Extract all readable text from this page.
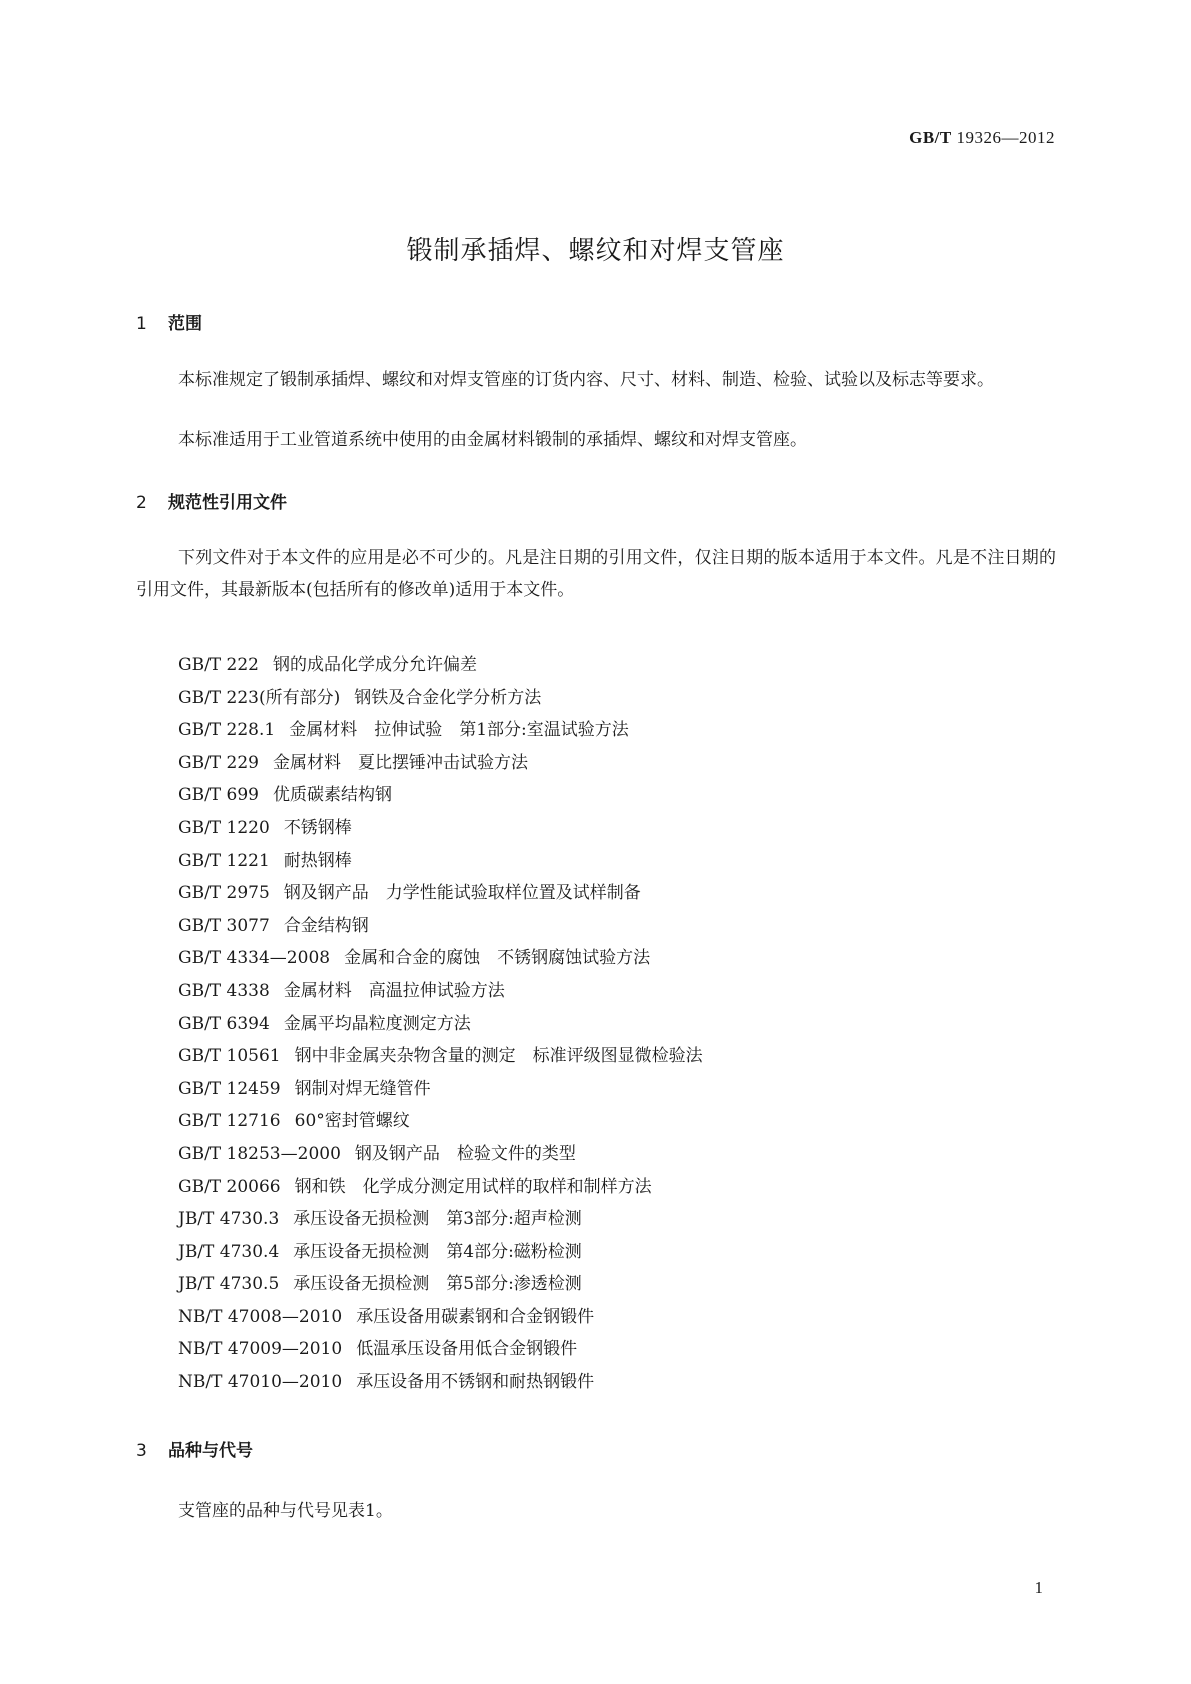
GB/T 19326—2012
锻制承插焊、螺纹和对焊支管座
1 范围
本标准规定了锻制承插焊、螺纹和对焊支管座的订货内容、尺寸、材料、制造、检验、试验以及标志等要求。
本标准适用于工业管道系统中使用的由金属材料锻制的承插焊、螺纹和对焊支管座。
2 规范性引用文件
下列文件对于本文件的应用是必不可少的。凡是注日期的引用文件，仅注日期的版本适用于本文件。凡是不注日期的引用文件，其最新版本(包括所有的修改单)适用于本文件。
GB/T 222 钢的成品化学成分允许偏差
GB/T 223(所有部分) 钢铁及合金化学分析方法
GB/T 228.1 金属材料　拉伸试验　第1部分:室温试验方法
GB/T 229 金属材料　夏比摆锤冲击试验方法
GB/T 699 优质碳素结构钢
GB/T 1220 不锈钢棒
GB/T 1221 耐热钢棒
GB/T 2975 钢及钢产品　力学性能试验取样位置及试样制备
GB/T 3077 合金结构钢
GB/T 4334—2008 金属和合金的腐蚀　不锈钢腐蚀试验方法
GB/T 4338 金属材料　高温拉伸试验方法
GB/T 6394 金属平均晶粒度测定方法
GB/T 10561 钢中非金属夹杂物含量的测定　标准评级图显微检验法
GB/T 12459 钢制对焊无缝管件
GB/T 12716 60°密封管螺纹
GB/T 18253—2000 钢及钢产品　检验文件的类型
GB/T 20066 钢和铁　化学成分测定用试样的取样和制样方法
JB/T 4730.3 承压设备无损检测　第3部分:超声检测
JB/T 4730.4 承压设备无损检测　第4部分:磁粉检测
JB/T 4730.5 承压设备无损检测　第5部分:渗透检测
NB/T 47008—2010 承压设备用碳素钢和合金钢锻件
NB/T 47009—2010 低温承压设备用低合金钢锻件
NB/T 47010—2010 承压设备用不锈钢和耐热钢锻件
3 品种与代号
支管座的品种与代号见表1。
1
